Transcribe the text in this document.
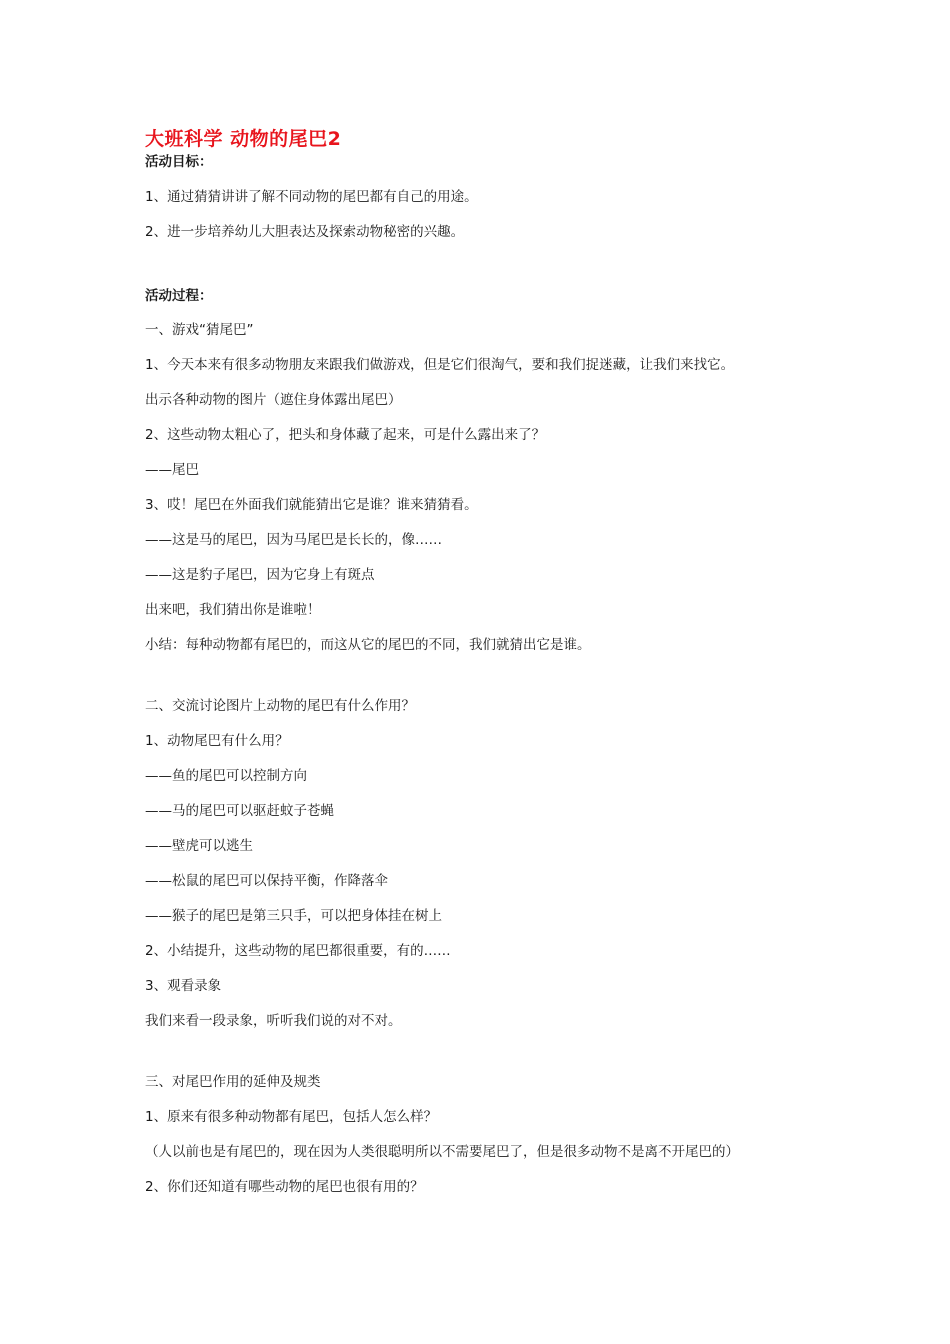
大班科学 动物的尾巴2
活动目标：
1、通过猜猜讲讲了解不同动物的尾巴都有自己的用途。
2、进一步培养幼儿大胆表达及探索动物秘密的兴趣。
活动过程：
一、游戏“猜尾巴”
1、今天本来有很多动物朋友来跟我们做游戏，但是它们很淘气，要和我们捉迷藏，让我们来找它。
出示各种动物的图片（遮住身体露出尾巴）
2、这些动物太粗心了，把头和身体藏了起来，可是什么露出来了？
——尾巴
3、哎！尾巴在外面我们就能猜出它是谁？谁来猜猜看。
——这是马的尾巴，因为马尾巴是长长的，像……
——这是豹子尾巴，因为它身上有斑点
出来吧，我们猜出你是谁啦！
小结：每种动物都有尾巴的，而这从它的尾巴的不同，我们就猜出它是谁。
二、交流讨论图片上动物的尾巴有什么作用？
1、动物尾巴有什么用？
——鱼的尾巴可以控制方向
——马的尾巴可以驱赶蚊子苍蝇
——壁虎可以逃生
——松鼠的尾巴可以保持平衡，作降落伞
——猴子的尾巴是第三只手，可以把身体挂在树上
2、小结提升，这些动物的尾巴都很重要，有的……
3、观看录象
我们来看一段录象，听听我们说的对不对。
三、对尾巴作用的延伸及规类
1、原来有很多种动物都有尾巴，包括人怎么样？
（人以前也是有尾巴的，现在因为人类很聪明所以不需要尾巴了，但是很多动物不是离不开尾巴的）
2、你们还知道有哪些动物的尾巴也很有用的？
